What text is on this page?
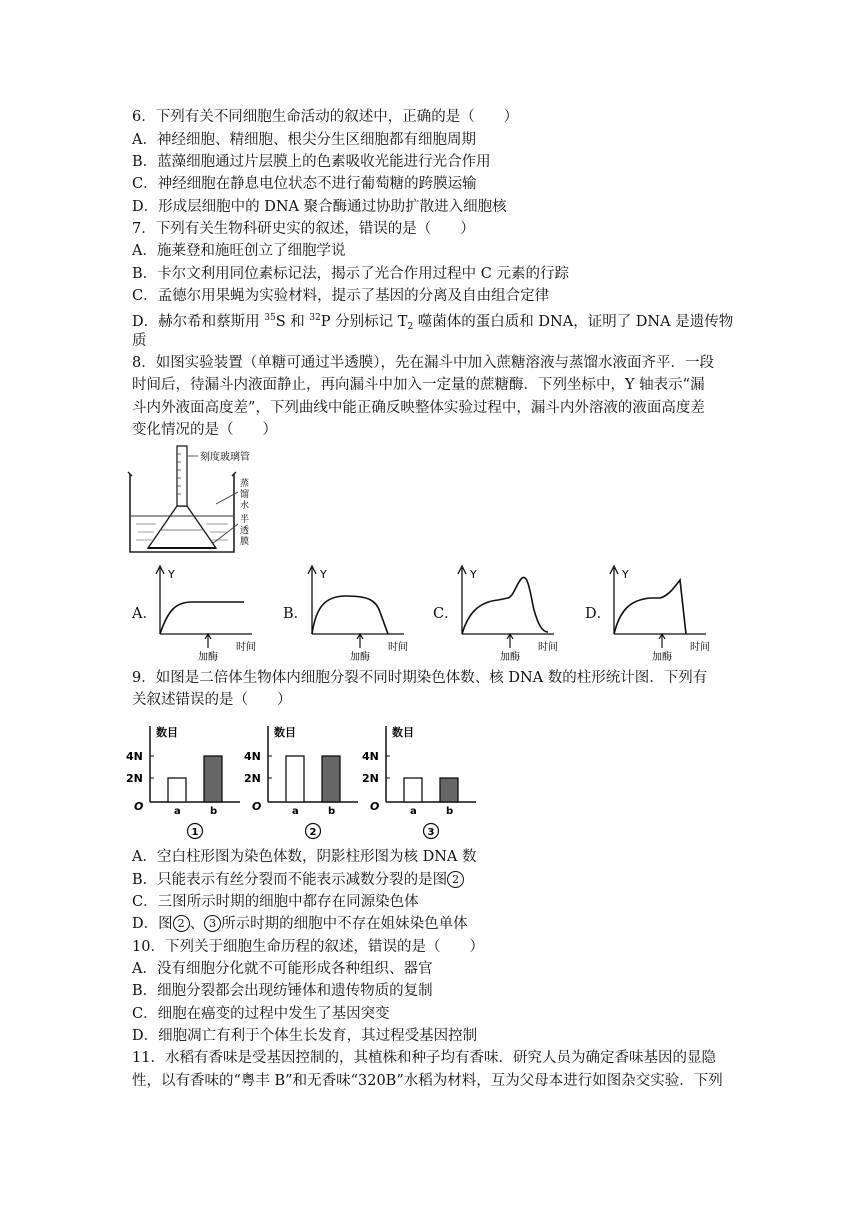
6．下列有关不同细胞生命活动的叙述中，正确的是（　　）
A．神经细胞、精细胞、根尖分生区细胞都有细胞周期
B．蓝藻细胞通过片层膜上的色素吸收光能进行光合作用
C．神经细胞在静息电位状态不进行葡萄糖的跨膜运输
D．形成层细胞中的 DNA 聚合酶通过协助扩散进入细胞核
7．下列有关生物科研史实的叙述，错误的是（　　）
A．施莱登和施旺创立了细胞学说
B．卡尔文利用同位素标记法，揭示了光合作用过程中 C 元素的行踪
C．孟德尔用果蝇为实验材料，提示了基因的分离及自由组合定律
D．赫尔希和蔡斯用 $^{35}$S 和 $^{32}$P 分别标记 $T_2$ 噬菌体的蛋白质和 DNA，证明了 DNA 是遗传物
质
8．如图实验装置（单糖可通过半透膜），先在漏斗中加入蔗糖溶液与蒸馏水液面齐平．一段
时间后，待漏斗内液面静止，再向漏斗中加入一定量的蔗糖酶．下列坐标中，Y 轴表示“漏
斗内外液面高度差”，下列曲线中能正确反映整体实验过程中，漏斗内外溶液的液面高度差
变化情况的是（　　）
刻度玻璃管
蒸
馏
水
半
透
膜
A．	B．	C．	D．
Y
时间
加酶
Y
时间
加酶
Y
时间
加酶
Y
时间
加酶
9．如图是二倍体生物体内细胞分裂不同时期染色体数、核 DNA 数的柱形统计图．下列有
关叙述错误的是（　　）
数目
4N
2N
O	a	b
1
数目
4N
2N
O	a	b
2
数目
4N
2N
O	a	b
3
A．空白柱形图为染色体数，阴影柱形图为核 DNA 数
B．只能表示有丝分裂而不能表示减数分裂的是图 2
C．三图所示时期的细胞中都存在同源染色体
D．图 2 、 3 所示时期的细胞中不存在姐妹染色单体
10．下列关于细胞生命历程的叙述，错误的是（　　）
A．没有细胞分化就不可能形成各种组织、器官
B．细胞分裂都会出现纺锤体和遗传物质的复制
C．细胞在癌变的过程中发生了基因突变
D．细胞凋亡有利于个体生长发育，其过程受基因控制
11．水稻有香味是受基因控制的，其植株和种子均有香味．研究人员为确定香味基因的显隐
性，以有香味的“粤丰 B”和无香味“320B”水稻为材料，互为父母本进行如图杂交实验．下列
